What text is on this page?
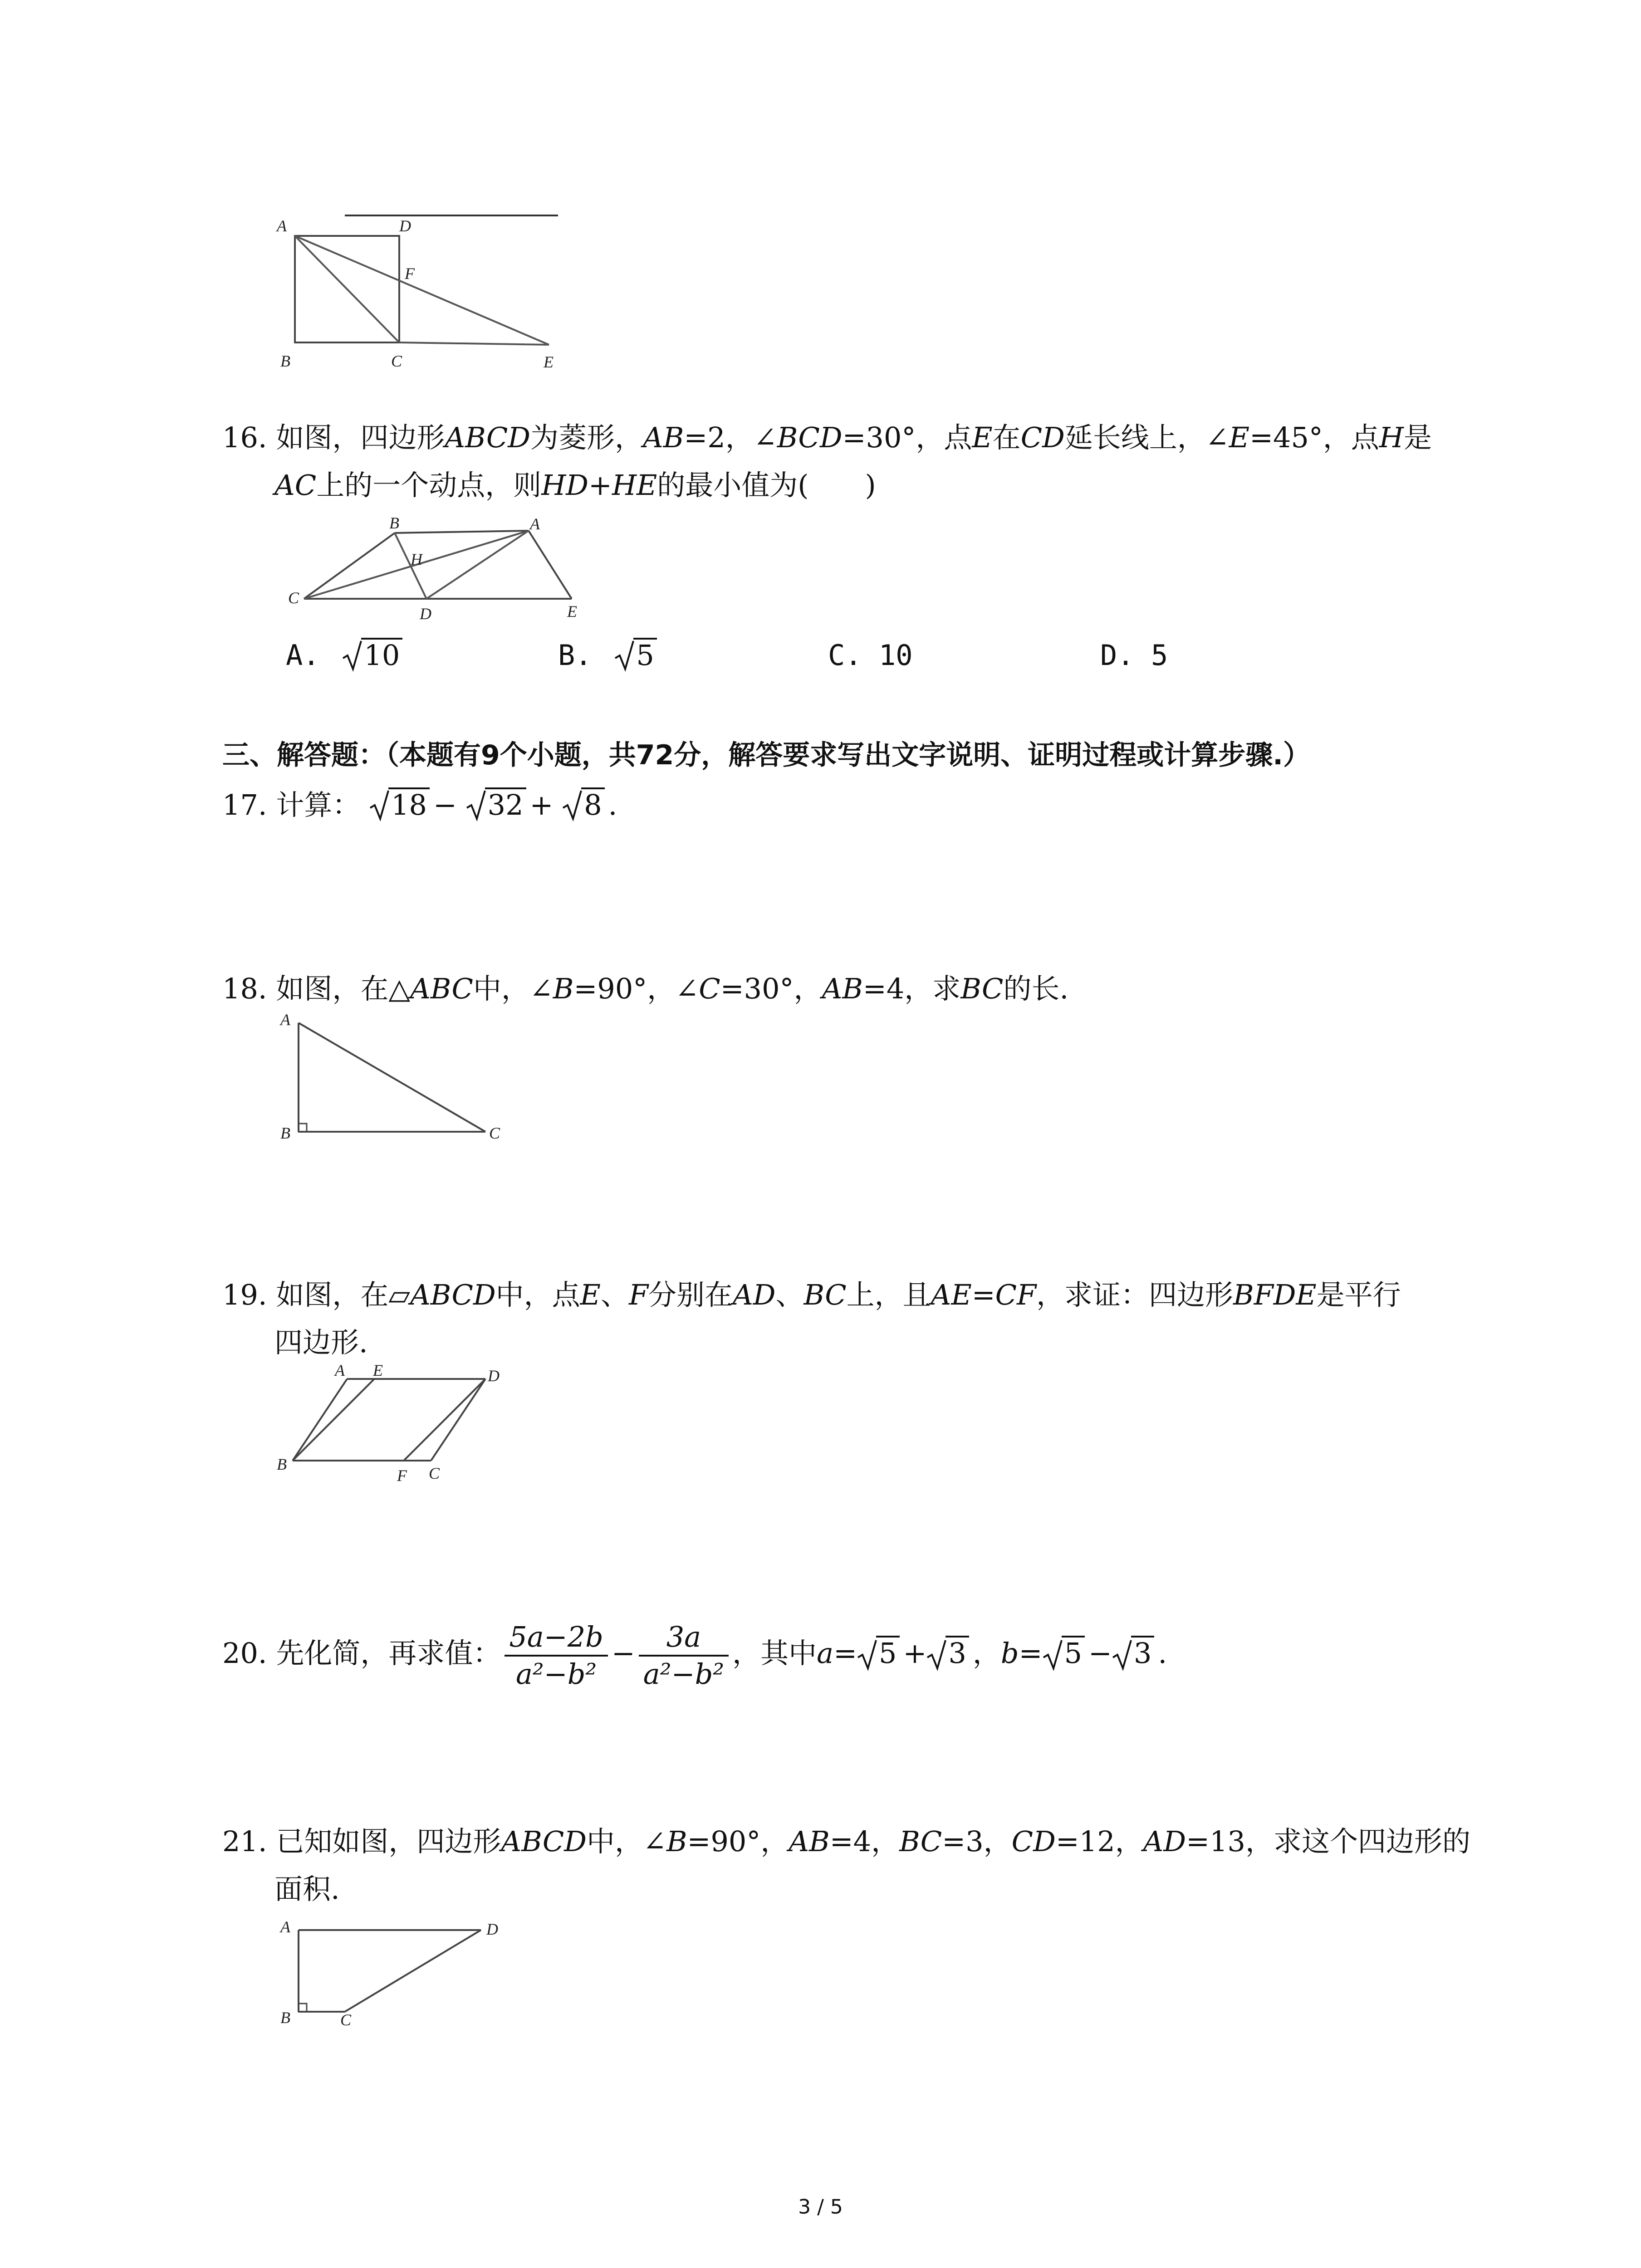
A	D
F
B	C	E
16. 如图，四边形ABCD为菱形，AB=2，∠BCD=30°，点E在CD延长线上，∠E=45°，点H是
AC上的一个动点，则HD+HE的最小值为(　　)
B	A
H
C
D	E
A. 10	B. 5	C. 10	D. 5
三、解答题：（本题有9个小题，共72分，解答要求写出文字说明、证明过程或计算步骤.）
17. 计算： 18 − 32 + 8 .
18. 如图，在△ABC中，∠B=90°，∠C=30°，AB=4，求BC的长.
A
B	C
19. 如图，在▱ABCD中，点E、F分别在AD、BC上，且AE=CF，求证：四边形BFDE是平行
四边形.
A E	D
B
F C
20. 先化简，再求值： $\frac{5a-2b}{\text{a²−b²}} - \frac{3a}{\text{a²−b²}}$ ，其中a= 5 + 3 ，b= 5 − 3 .
21. 已知如图，四边形ABCD中，∠B=90°，AB=4，BC=3，CD=12，AD=13，求这个四边形的
面积.
A	D
B	C
3 / 5
